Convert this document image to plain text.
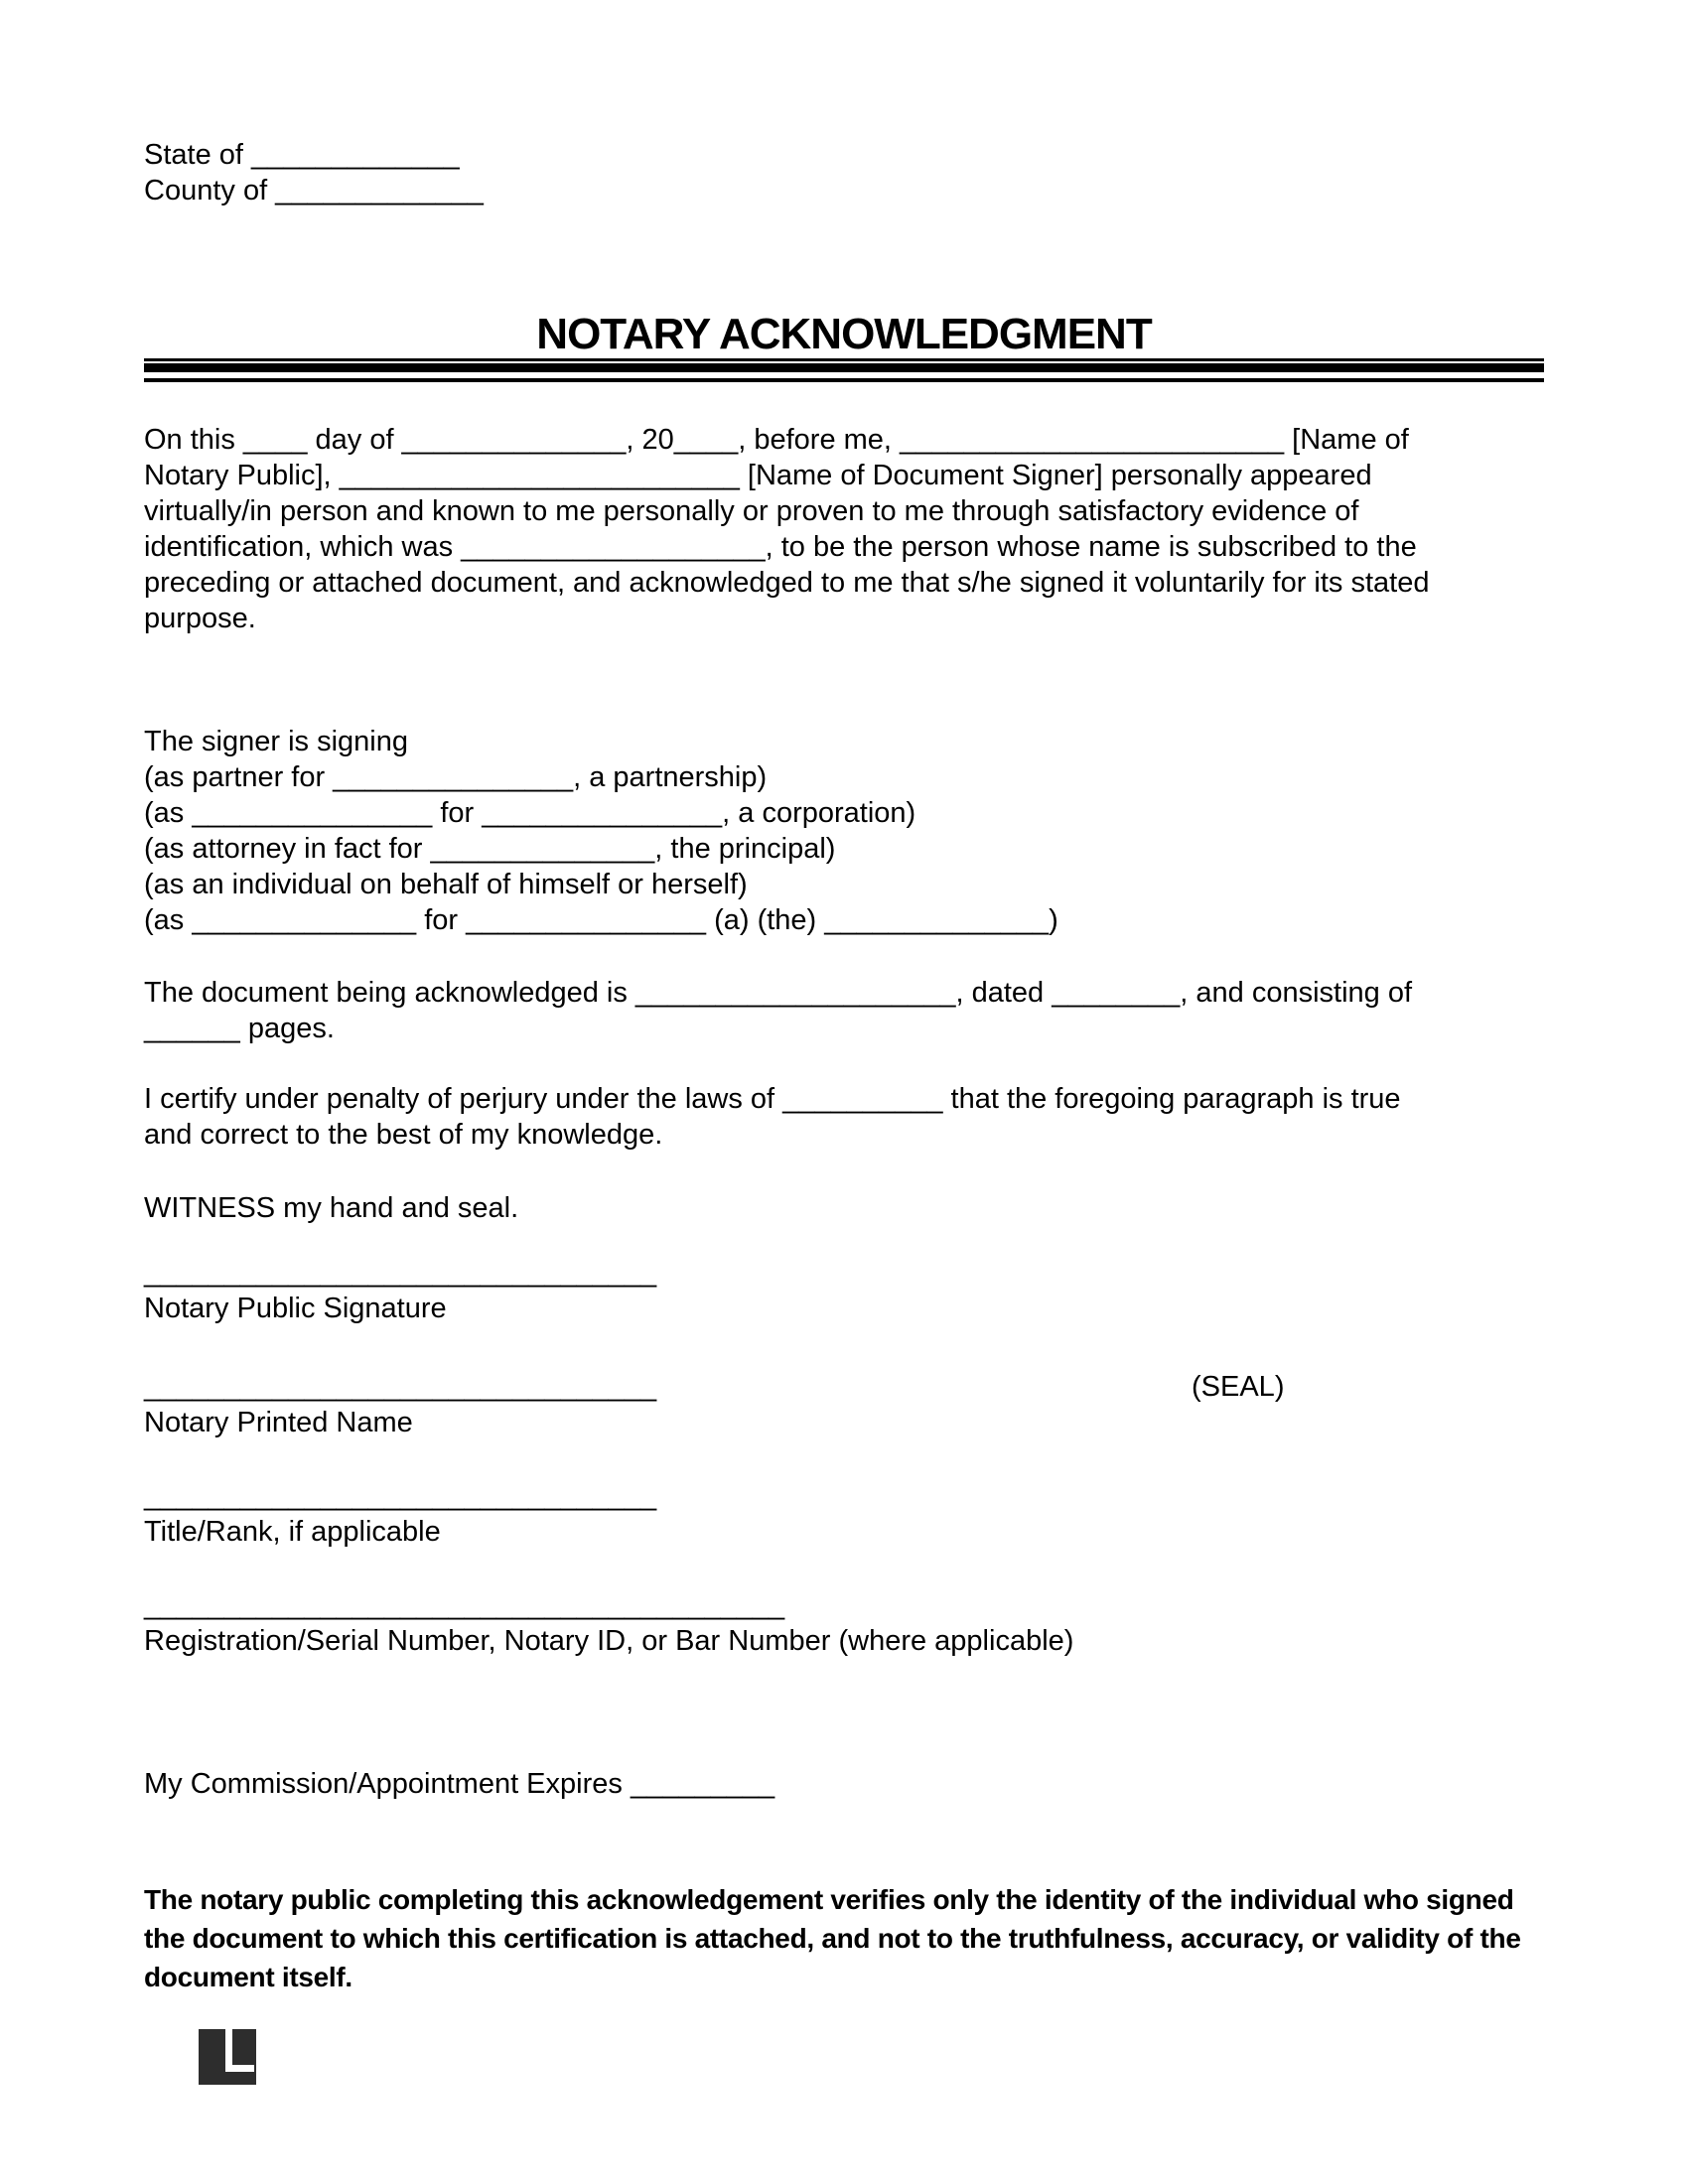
State of _____________
County of _____________
NOTARY ACKNOWLEDGMENT
On this ____ day of ______________, 20____, before me, ________________________ [Name of
Notary Public], _________________________ [Name of Document Signer] personally appeared
virtually/in person and known to me personally or proven to me through satisfactory evidence of
identification, which was ___________________, to be the person whose name is subscribed to the
preceding or attached document, and acknowledged to me that s/he signed it voluntarily for its stated
purpose.
The signer is signing
(as partner for _______________, a partnership)
(as _______________ for _______________, a corporation)
(as attorney in fact for ______________, the principal)
(as an individual on behalf of himself or herself)
(as ______________ for _______________ (a) (the) ______________)
The document being acknowledged is ____________________, dated ________, and consisting of
______ pages.
I certify under penalty of perjury under the laws of __________ that the foregoing paragraph is true
and correct to the best of my knowledge.
WITNESS my hand and seal.
________________________________
Notary Public Signature
________________________________	(SEAL)
Notary Printed Name
________________________________
Title/Rank, if applicable
________________________________________
Registration/Serial Number, Notary ID, or Bar Number (where applicable)
My Commission/Appointment Expires _________
The notary public completing this acknowledgement verifies only the identity of the individual who signed
the document to which this certification is attached, and not to the truthfulness, accuracy, or validity of the
document itself.
